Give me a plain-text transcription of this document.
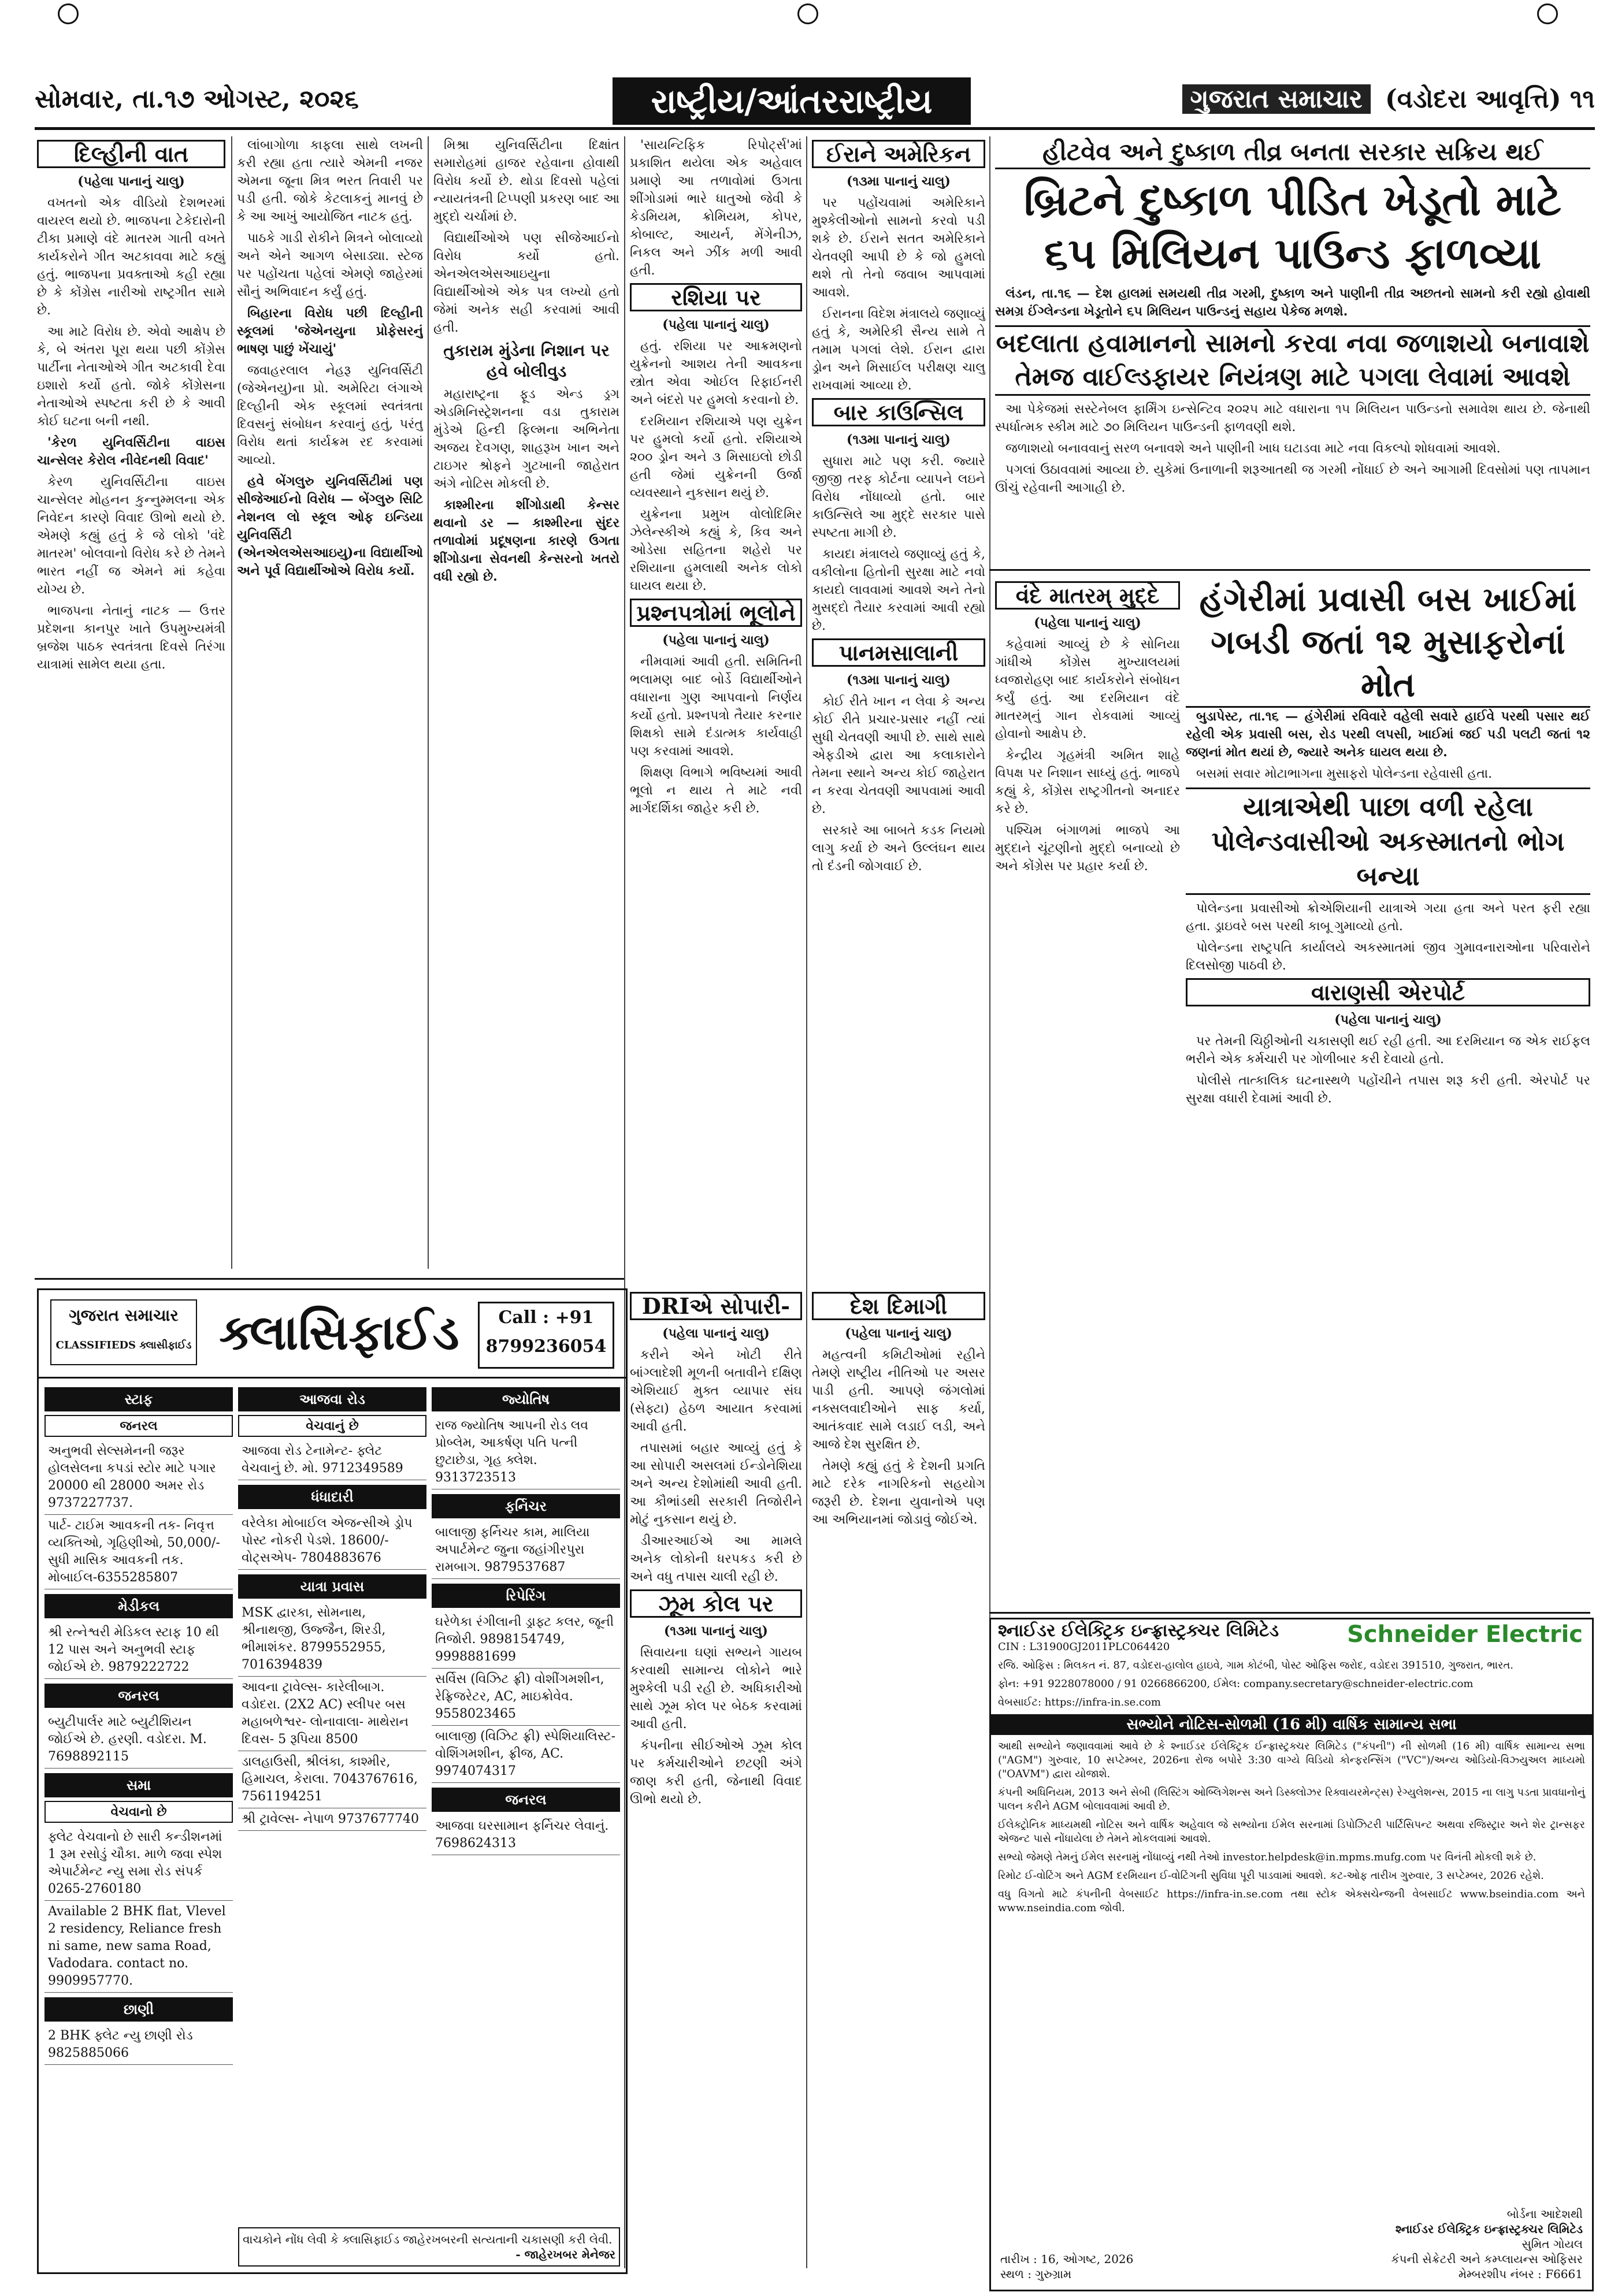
સોમવાર, તા.૧૭ ઓગસ્ટ, ૨૦૨૬	રાષ્ટ્રીય/આંતરરાષ્ટ્રીય	ગુજરાત સમાચાર (વડોદરા આવૃત્તિ) ૧૧
દિલ્હીની વાત
(પહેલા પાનાનું ચાલુ)

વખતનો એક વીડિયો દેશભરમાં વાયરલ થયો છે. ભાજપના ટેકેદારોની ટીકા પ્રમાણે વંદે માતરમ ગાતી વખતે કાર્યકરોને ગીત અટકાવવા માટે કહ્યું હતું. ભાજપના પ્રવક્તાઓ કહી રહ્યા છે કે કોંગ્રેસ નારીઓ રાષ્ટ્રગીત સામે છે.

આ માટે વિરોધ છે. એવો આક્ષેપ છે કે, બે અંતરા પૂરા થયા પછી કોંગ્રેસ પાર્ટીના નેતાઓએ ગીત અટકાવી દેવા ઇશારો કર્યો હતો. જોકે કોંગ્રેસના નેતાઓએ સ્પષ્ટતા કરી છે કે આવી કોઈ ઘટના બની નથી.

'કેરળ યુનિવર્સિટીના વાઇસ ચાન્સેલર કેરોલ નીવેદનથી વિવાદ'

કેરળ યુનિવર્સિટીના વાઇસ ચાન્સેલર મોહનન કુન્નુમ્મલના એક નિવેદન કારણે વિવાદ ઊભો થયો છે. એમણે કહ્યું હતું કે જે લોકો 'વંદે માતરમ' બોલવાનો વિરોધ કરે છે તેમને ભારત નહીં જ એમને માં કહેવા યોગ્ય છે.

ભાજપના નેતાનું નાટક — ઉત્તર પ્રદેશના કાનપુર ખાતે ઉપમુખ્યમંત્રી બ્રજેશ પાઠક સ્વતંત્રતા દિવસે તિરંગા યાત્રામાં સામેલ થયા હતા.

લાંબાગોળા કાફલા સાથે લખની કરી રહ્યા હતા ત્યારે એમની નજર એમના જૂના મિત્ર ભરત તિવારી પર પડી હતી. જોકે કેટલાકનું માનવું છે કે આ આખું આયોજિત નાટક હતું.

પાઠકે ગાડી રોકીને મિત્રને બોલાવ્યો અને એને આગળ બેસાડ્યા. સ્ટેજ પર પહોંચતા પહેલાં એમણે જાહેરમાં સૌનું અભિવાદન કર્યું હતું.

બિહારના વિરોધ પછી દિલ્હીની સ્કૂલમાં 'જેએનયુના પ્રોફેસરનું ભાષણ પાછું ખેંચાયું'

જવાહરલાલ નેહરૂ યુનિવર્સિટી (જેએનયુ)ના પ્રો. અમેરિટા લંગાએ દિલ્હીની એક સ્કૂલમાં સ્વતંત્રતા દિવસનું સંબોધન કરવાનું હતું, પરંતુ વિરોધ થતાં કાર્યક્રમ રદ કરવામાં આવ્યો.

હવે બેંગલુરુ યુનિવર્સિટીમાં પણ સીજેઆઈનો વિરોધ — બેંગ્લુરુ સિટિ નેશનલ લો સ્કૂલ ઓફ ઇન્ડિયા યુનિવર્સિટી (એનએલએસઆઇયુ)ના વિદ્યાર્થીઓ અને પૂર્વ વિદ્યાર્થીઓએ વિરોધ કર્યો.

મિશ્રા યુનિવર્સિટીના દિક્ષાંત સમારોહમાં હાજર રહેવાના હોવાથી વિરોધ કર્યો છે. થોડા દિવસો પહેલાં ન્યાયતંત્રની ટિપ્પણી પ્રકરણ બાદ આ મુદ્દો ચર્ચામાં છે.

વિદ્યાર્થીઓએ પણ સીજેઆઈનો વિરોધ કર્યો હતો. એનએલએસઆઇયુના વિદ્યાર્થીઓએ એક પત્ર લખ્યો હતો જેમાં અનેક સહી કરવામાં આવી હતી.

તુકારામ મુંડેના નિશાન પર હવે બોલીવુડ

મહારાષ્ટ્રના ફૂડ એન્ડ ડ્રગ એડમિનિસ્ટ્રેશનના વડા તુકારામ મુંડેએ હિન્દી ફિલ્મના અભિનેતા અજય દેવગણ, શાહરૂખ ખાન અને ટાઇગર શ્રોફને ગુટખાની જાહેરાત અંગે નોટિસ મોકલી છે.

કાશ્મીરના શીંગોડાથી કેન્સર થવાનો ડર — કાશ્મીરના સુંદર તળાવોમાં પ્રદૂષણના કારણે ઉગતા શીંગોડાના સેવનથી કેન્સરનો ખતરો વધી રહ્યો છે.

'સાયન્ટિફિક રિપોર્ટ્સ'માં પ્રકાશિત થયેલા એક અહેવાલ પ્રમાણે આ તળાવોમાં ઉગતા શીંગોડામાં ભારે ધાતુઓ જેવી કે કેડમિયમ, ક્રોમિયમ, કોપર, કોબાલ્ટ, આયર્ન, મેંગેનીઝ, નિકલ અને ઝીંક મળી આવી હતી.

રશિયા પર
(પહેલા પાનાનું ચાલુ)

હતું. રશિયા પર આક્રમણનો યુક્રેનનો આશય તેની આવકના સ્ત્રોત એવા ઓઈલ રિફાઈનરી અને બંદરો પર હુમલો કરવાનો છે.

દરમિયાન રશિયાએ પણ યુક્રેન પર હુમલો કર્યો હતો. રશિયાએ ૨૦૦ ડ્રોન અને ૩ મિસાઇલો છોડી હતી જેમાં યુક્રેનની ઉર્જા વ્યવસ્થાને નુકસાન થયું છે.

યુક્રેનના પ્રમુખ વોલોદિમિર ઝેલેન્સ્કીએ કહ્યું કે, કિવ અને ઓડેસા સહિતના શહેરો પર રશિયાના હુમલાથી અનેક લોકો ઘાયલ થયા છે.

પ્રશ્નપત્રોમાં ભૂલોને
(પહેલા પાનાનું ચાલુ)

નીમવામાં આવી હતી. સમિતિની ભલામણ બાદ બોર્ડે વિદ્યાર્થીઓને વધારાના ગુણ આપવાનો નિર્ણય કર્યો હતો. પ્રશ્નપત્રો તૈયાર કરનાર શિક્ષકો સામે દંડાત્મક કાર્યવાહી પણ કરવામાં આવશે.

શિક્ષણ વિભાગે ભવિષ્યમાં આવી ભૂલો ન થાય તે માટે નવી માર્ગદર્શિકા જાહેર કરી છે.

ઈરાને અમેરિકન
(૧૩મા પાનાનું ચાલુ)

પર પહોંચવામાં અમેરિકાને મુશ્કેલીઓનો સામનો કરવો પડી શકે છે. ઈરાને સતત અમેરિકાને ચેતવણી આપી છે કે જો હુમલો થશે તો તેનો જવાબ આપવામાં આવશે.

ઈરાનના વિદેશ મંત્રાલયે જણાવ્યું હતું કે, અમેરિકી સૈન્ય સામે તે તમામ પગલાં લેશે. ઈરાન દ્વારા ડ્રોન અને મિસાઈલ પરીક્ષણ ચાલુ રાખવામાં આવ્યા છે.

બાર કાઉન્સિલ
(૧૩મા પાનાનું ચાલુ)

સુધારા માટે પણ કરી. જ્યારે જીજી તરફ કોર્ટના વ્યાપને લઇને વિરોધ નોંધાવ્યો હતો. બાર કાઉન્સિલે આ મુદ્દે સરકાર પાસે સ્પષ્ટતા માગી છે.

કાયદા મંત્રાલયે જણાવ્યું હતું કે, વકીલોના હિતોની સુરક્ષા માટે નવો કાયદો લાવવામાં આવશે અને તેનો મુસદ્દો તૈયાર કરવામાં આવી રહ્યો છે.

પાનમસાલાની
(૧૩મા પાનાનું ચાલુ)

કોઈ રીતે ખાન ન લેવા કે અન્ય કોઈ રીતે પ્રચાર-પ્રસાર નહીં ત્યાં સુધી ચેતવણી આપી છે. સાથે સાથે એફડીએ દ્વારા આ કલાકારોને તેમના સ્થાને અન્ય કોઈ જાહેરાત ન કરવા ચેતવણી આપવામાં આવી છે.

સરકારે આ બાબતે કડક નિયમો લાગુ કર્યા છે અને ઉલ્લંઘન થાય તો દંડની જોગવાઈ છે.

વંદે માતરમ્ મુદ્દે
(પહેલા પાનાનું ચાલુ)

કહેવામાં આવ્યું છે કે સોનિયા ગાંધીએ કોંગ્રેસ મુખ્યાલયમાં ધ્વજારોહણ બાદ કાર્યકરોને સંબોધન કર્યું હતું. આ દરમિયાન વંદે માતરમ્‌નું ગાન રોકવામાં આવ્યું હોવાનો આક્ષેપ છે.

કેન્દ્રીય ગૃહમંત્રી અમિત શાહે વિપક્ષ પર નિશાન સાધ્યું હતું. ભાજપે કહ્યું કે, કોંગ્રેસ રાષ્ટ્રગીતનો અનાદર કરે છે.

પશ્ચિમ બંગાળમાં ભાજપે આ મુદ્દાને ચૂંટણીનો મુદ્દો બનાવ્યો છે અને કોંગ્રેસ પર પ્રહાર કર્યા છે.

હીટવેવ અને દુષ્કાળ તીવ્ર બનતા સરકાર સક્રિય થઈ
બ્રિટને દુષ્કાળ પીડિત ખેડૂતો માટે ૬૫ મિલિયન પાઉન્ડ ફાળવ્યા

લંડન, તા.૧૬ — દેશ હાલમાં સમયથી તીવ્ર ગરમી, દુષ્કાળ અને પાણીની તીવ્ર અછતનો સામનો કરી રહ્યો હોવાથી સમગ્ર ઈંગ્લેન્ડના ખેડૂતોને ૬૫ મિલિયન પાઉન્ડનું સહાય પેકેજ મળશે.

બદલાતા હવામાનનો સામનો કરવા નવા જળાશયો બનાવાશે તેમજ વાઈલ્ડફાયર નિયંત્રણ માટે પગલા લેવામાં આવશે

આ પેકેજમાં સસ્ટેનેબલ ફાર્મિંગ ઇન્સેન્ટિવ ૨૦૨૫ માટે વધારાના ૧૫ મિલિયન પાઉન્ડનો સમાવેશ થાય છે. જેનાથી સ્પર્ધાત્મક સ્કીમ માટે ૭૦ મિલિયન પાઉન્ડની ફાળવણી થશે.

જળાશયો બનાવવાનું સરળ બનાવશે અને પાણીની ખાધ ઘટાડવા માટે નવા વિકલ્પો શોધવામાં આવશે.

પગલાં ઉઠાવવામાં આવ્યા છે. યુકેમાં ઉનાળાની શરૂઆતથી જ ગરમી નોંધાઈ છે અને આગામી દિવસોમાં પણ તાપમાન ઊંચું રહેવાની આગાહી છે.

હંગેરીમાં પ્રવાસી બસ ખાઈમાં ગબડી જતાં ૧૨ મુસાફરોનાં મોત

બુડાપેસ્ટ, તા.૧૬ — હંગેરીમાં રવિવારે વહેલી સવારે હાઈવે પરથી પસાર થઈ રહેલી એક પ્રવાસી બસ, રોડ પરથી લપસી, ખાઈમાં જઈ પડી પલટી જતાં ૧૨ જણનાં મોત થયાં છે, જ્યારે અનેક ઘાયલ થયા છે.

બસમાં સવાર મોટાભાગના મુસાફરો પોલેન્ડના રહેવાસી હતા.

યાત્રાએથી પાછા વળી રહેલા પોલેન્ડવાસીઓ અકસ્માતનો ભોગ બન્યા

પોલેન્ડના પ્રવાસીઓ ક્રોએશિયાની યાત્રાએ ગયા હતા અને પરત ફરી રહ્યા હતા. ડ્રાઇવરે બસ પરથી કાબૂ ગુમાવ્યો હતો.

પોલેન્ડના રાષ્ટ્રપતિ કાર્યાલયે અકસ્માતમાં જીવ ગુમાવનારાઓના પરિવારોને દિલસોજી પાઠવી છે.

વારાણસી એરપોર્ટ
(પહેલા પાનાનું ચાલુ)

પર તેમની ચિઠ્ઠીઓની ચકાસણી થઈ રહી હતી. આ દરમિયાન જ એક રાઈફલ ભરીને એક કર્મચારી પર ગોળીબાર કરી દેવાયો હતો.

પોલીસે તાત્કાલિક ઘટનાસ્થળે પહોંચીને તપાસ શરૂ કરી હતી. એરપોર્ટ પર સુરક્ષા વધારી દેવામાં આવી છે.

DRIએ સોપારી-
(પહેલા પાનાનું ચાલુ)

કરીને એને ખોટી રીતે બાંગ્લાદેશી મૂળની બતાવીને દક્ષિણ એશિયાઈ મુક્ત વ્યાપાર સંઘ (સેફ્ટા) હેઠળ આયાત કરવામાં આવી હતી.

તપાસમાં બહાર આવ્યું હતું કે આ સોપારી અસલમાં ઈન્ડોનેશિયા અને અન્ય દેશોમાંથી આવી હતી. આ કૌભાંડથી સરકારી તિજોરીને મોટું નુકસાન થયું છે.

ડીઆરઆઈએ આ મામલે અનેક લોકોની ધરપકડ કરી છે અને વધુ તપાસ ચાલી રહી છે.

ઝૂમ કોલ પર
(૧૩મા પાનાનું ચાલુ)

સિવાયના ઘણાં સભ્યને ગાયબ કરવાથી સામાન્ય લોકોને ભારે મુશ્કેલી પડી રહી છે. અધિકારીઓ સાથે ઝૂમ કોલ પર બેઠક કરવામાં આવી હતી.

કંપનીના સીઈઓએ ઝૂમ કોલ પર કર્મચારીઓને છટણી અંગે જાણ કરી હતી, જેનાથી વિવાદ ઊભો થયો છે.

દેશ દિમાગી
(પહેલા પાનાનું ચાલુ)

મહત્વની કમિટીઓમાં રહીને તેમણે રાષ્ટ્રીય નીતિઓ પર અસર પાડી હતી. આપણે જંગલોમાં નક્સલવાદીઓને સાફ કર્યા, આતંકવાદ સામે લડાઈ લડી, અને આજે દેશ સુરક્ષિત છે.

તેમણે કહ્યું હતું કે દેશની પ્રગતિ માટે દરેક નાગરિકનો સહયોગ જરૂરી છે. દેશના યુવાનોએ પણ આ અભિયાનમાં જોડાવું જોઈએ.

ગુજરાત સમાચાર
CLASSIFIEDS ક્લાસીફાઈડ ક્લાસિફાઈડ	Call : +91 8799236054
સ્ટાફ
જનરલ
અનુભવી સેલ્સમેનની જરૂર હોલસેલના કપડાં સ્ટોર માટે પગાર 20000 થી 28000 અમર રોડ 9737227737.
પાર્ટ- ટાઈમ આવકની તક- નિવૃત્ત વ્યક્તિઓ, ગૃહિણીઓ, 50,000/- સુધી માસિક આવકની તક. મોબાઈલ-6355285807
મેડીકલ
શ્રી રત્નેશ્વરી મેડિકલ સ્ટાફ 10 થી 12 પાસ અને અનુભવી સ્ટાફ જોઈએ છે. 9879222722
જનરલ
બ્યુટીપાર્લર માટે બ્યુટીશિયન જોઈએ છે. હરણી. વડોદરા. M. 7698892115
સમા
વેચવાનો છે
ફ્લેટ વેચવાનો છે સારી કન્ડીશનમાં 1 રૂમ રસોડું ચૌકા. માળે જવા સ્પેશ એપાર્ટમેન્ટ ન્યુ સમા રોડ સંપર્ક 0265-2760180
Available 2 BHK flat, Vlevel 2 residency, Reliance fresh ni same, new sama Road, Vadodara. contact no. 9909957770.
છાણી
2 BHK ફ્લેટ ન્યુ છાણી રોડ 9825885066
આજવા રોડ
વેચવાનું છે
આજવા રોડ ટેનામેન્ટ- ફ્લેટ વેચવાનું છે. મો. 9712349589
ધંધાદારી
વરેલેકા મોબાઈલ એજન્સીએ ડ્રોપ પોસ્ટ નોકરી પેડશે. 18600/- વોટ્સએપ- 7804883676
યાત્રા પ્રવાસ
MSK દ્વારકા, સોમનાથ, શ્રીનાથજી, ઉજ્જૈન, શિરડી, ભીમાશંકર. 8799552955, 7016394839
આવના ટ્રાવેલ્સ- કારેલીબાગ. વડોદરા. (2X2 AC) સ્લીપર બસ મહાબળેશ્વર- લોનાવાલા- માથેરાન દિવસ- 5 રૂપિયા 8500
ડાલહાઉસી, શ્રીલંકા, કાશ્મીર, હિમાચલ, કેરાલા. 7043767616, 7561194251
શ્રી ટ્રાવેલ્સ- નેપાળ 9737677740
જ્યોતિષ
રાજ જ્યોતિષ આપની રોડ લવ પ્રોબ્લેમ, આકર્ષણ પતિ પત્ની છુટાછેડા, ગૃહ ક્લેશ. 9313723513
ફર્નિચર
બાલાજી ફર્નિચર કામ, માલિયા અપાર્ટમેન્ટ જુના જહાંગીરપુરા રામબાગ. 9879537687
રિપેરિંગ
ઘરેળેકા રંગીલાની ડ્રાફ્ટ કલર, જૂની તિજોરી. 9898154749, 9998881699
સર્વિસ (વિઝિટ ફ્રી) વોશીંગમશીન, રેફ્રિજરેટર, AC, માઇક્રોવેવ. 9558023465
બાલાજી (વિઝિટ ફ્રી) સ્પેશિયાલિસ્ટ- વોશિંગમશીન, ફ્રીજ, AC. 9974074317
જનરલ
આજવા ઘરસામાન ફર્નિચર લેવાનું. 7698624313
વાચકોને નોંધ લેવી કે ક્લાસિફાઈડ જાહેરખબરની સત્યતાની ચકાસણી કરી લેવી.
- જાહેરખબર મેનેજર
Schneider Electric
શ્નાઈડર ઈલેક્ટ્રિક ઇન્ફ્રાસ્ટ્રક્ચર લિમિટેડ
CIN : L31900GJ2011PLC064420
રજિ. ઓફિસ : મિલકત નં. 87, વડોદરા-હાલોલ હાઇવે, ગામ કોટંબી, પોસ્ટ ઓફિસ જરોદ, વડોદરા 391510, ગુજરાત, ભારત.
ફોન: +91 9228078000 / 91 0266866200, ઈમેલ: company.secretary@schneider-electric.com
વેબસાઈટ: https://infra-in.se.com
સભ્યોને નોટિસ-સોળમી (16 મી) વાર્ષિક સામાન્ય સભા

આથી સભ્યોને જણાવવામાં આવે છે કે શ્નાઈડર ઈલેક્ટ્રિક ઈન્ફ્રાસ્ટ્રક્ચર લિમિટેડ ("કંપની") ની સોળમી (16 મી) વાર્ષિક સામાન્ય સભા ("AGM") ગુરુવાર, 10 સપ્ટેમ્બર, 2026ના રોજ બપોરે 3:30 વાગ્યે વિડિયો કોન્ફરન્સિંગ ("VC")/અન્ય ઓડિયો-વિઝ્યુઅલ માધ્યમો ("OAVM") દ્વારા યોજાશે.

કંપની અધિનિયમ, 2013 અને સેબી (લિસ્ટિંગ ઓબ્લિગેશન્સ અને ડિસ્ક્લોઝર રિક્વાયરમેન્ટ્સ) રેગ્યુલેશન્સ, 2015 ના લાગુ પડતા પ્રાવધાનોનું પાલન કરીને AGM બોલાવવામાં આવી છે.

ઈલેક્ટ્રોનિક માધ્યમથી નોટિસ અને વાર્ષિક અહેવાલ જે સભ્યોના ઈમેલ સરનામાં ડિપોઝિટરી પાર્ટિસિપન્ટ અથવા રજિસ્ટ્રાર અને શેર ટ્રાન્સફર એજન્ટ પાસે નોંધાયેલા છે તેમને મોકલવામાં આવશે.

સભ્યો જેમણે તેમનું ઈમેલ સરનામું નોંધાવ્યું નથી તેઓ investor.helpdesk@in.mpms.mufg.com પર વિનંતી મોકલી શકે છે.

રિમોટ ઈ-વોટિંગ અને AGM દરમિયાન ઈ-વોટિંગની સુવિધા પૂરી પાડવામાં આવશે. કટ-ઓફ તારીખ ગુરુવાર, 3 સપ્ટેમ્બર, 2026 રહેશે.

વધુ વિગતો માટે કંપનીની વેબસાઈટ https://infra-in.se.com તથા સ્ટોક એક્સચેન્જની વેબસાઈટ www.bseindia.com અને www.nseindia.com જોવી.

તારીખ : 16, ઓગષ્ટ, 2026
સ્થળ : ગુરુગ્રામ
બોર્ડના આદેશથી
શ્નાઈડર ઈલેક્ટ્રિક ઇન્ફ્રાસ્ટ્રક્ચર લિમિટેડ
સુમિત ગોયલ
કંપની સેક્રેટરી અને કમ્પ્લાયન્સ ઓફિસર
મેમ્બરશીપ નંબર : F6661
